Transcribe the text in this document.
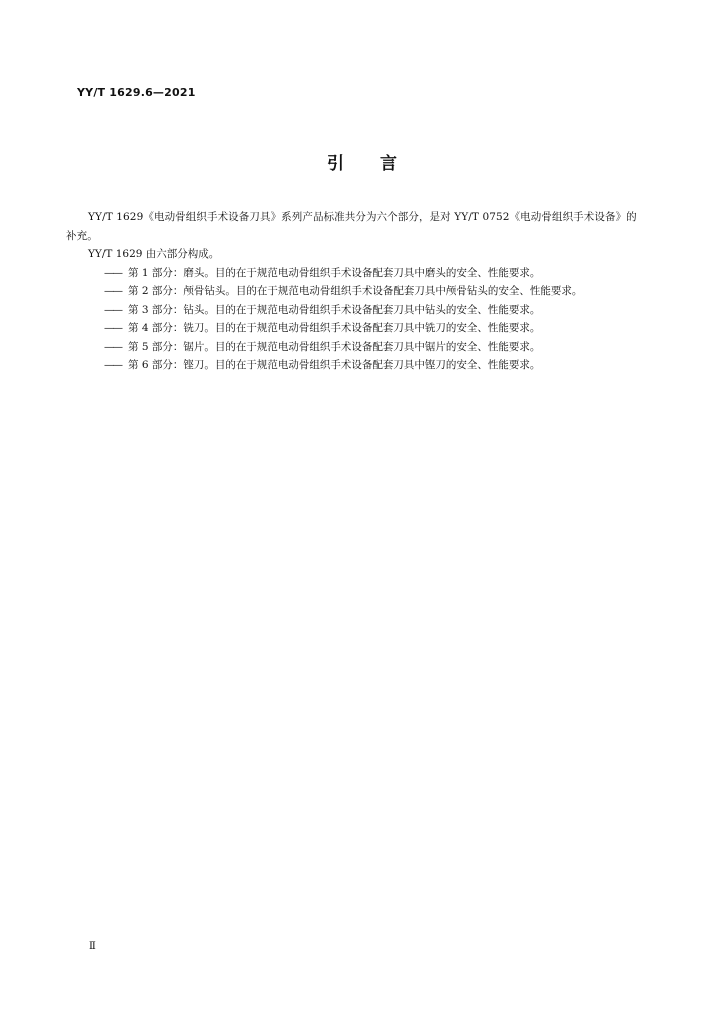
YY/T 1629.6—2021
引言

YY/T 1629《电动骨组织手术设备刀具》系列产品标准共分为六个部分，是对 YY/T 0752《电动骨组织手术设备》的补充。

YY/T 1629 由六部分构成。

—— 第 1 部分：磨头。目的在于规范电动骨组织手术设备配套刀具中磨头的安全、性能要求。

—— 第 2 部分：颅骨钻头。目的在于规范电动骨组织手术设备配套刀具中颅骨钻头的安全、性能要求。

—— 第 3 部分：钻头。目的在于规范电动骨组织手术设备配套刀具中钻头的安全、性能要求。

—— 第 4 部分：铣刀。目的在于规范电动骨组织手术设备配套刀具中铣刀的安全、性能要求。

—— 第 5 部分：锯片。目的在于规范电动骨组织手术设备配套刀具中锯片的安全、性能要求。

—— 第 6 部分：铿刀。目的在于规范电动骨组织手术设备配套刀具中铿刀的安全、性能要求。

Ⅱ
